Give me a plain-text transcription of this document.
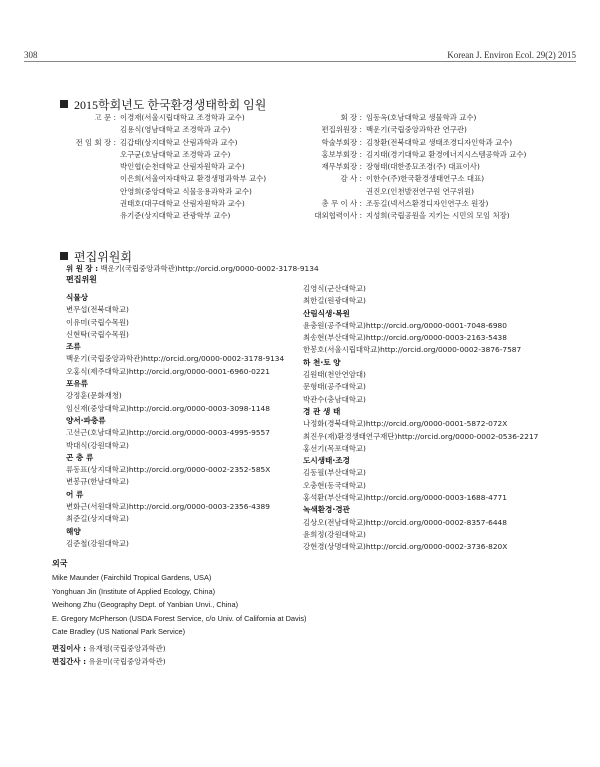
308	Korean J. Environ Ecol. 29(2) 2015
2015학회년도 한국환경생태학회 임원
고 문 : 이경재(서울시립대학교 조경학과 교수)
김용식(영남대학교 조경학과 교수)
전 임 회 장 : 김갑태(상지대학교 산림과학과 교수)
오구균(호남대학교 조경학과 교수)
박인협(순천대학교 산림자원학과 교수)
이은희(서울여자대학교 환경생명과학부 교수)
안영희(중앙대학교 식물응용과학과 교수)
권태호(대구대학교 산림자원학과 교수)
유기준(상지대학교 관광학부 교수)
회 장 : 임동옥(호남대학교 생물학과 교수)
편집위원장 : 백운기(국립중앙과학관 연구관)
학술부회장 : 김창환(전북대학교 생태조경디자인학과 교수)
홍보부회장 : 김지태(경기대학교 환경에너지시스템공학과 교수)
재무부회장 : 장형태(대한종묘조경(주) 대표이사)
감 사 : 이한수(주)한국환경생태연구소 대표)
권진오(인천발전연구원 연구위원)
총 무 이 사 : 조동길(넥서스환경디자인연구소 원장)
대외협력이사 : 지성희(국립공원을 지키는 시민의 모임 처장)
편집위원회
위 원 장 : 백운기(국립중앙과학관)http://orcid.org/0000-0002-3178-9134
편집위원
식물상
변무섭(전북대학교)
이유미(국립수목원)
신현탁(국립수목원)
조류
백운기(국립중앙과학관)http://orcid.org/0000-0002-3178-9134
오홍식(제주대학교)http://orcid.org/0000-0001-6960-0221
포유류
강정훈(문화재청)
임신재(중앙대학교)http://orcid.org/0000-0003-3098-1148
양서·파충류
고선근(호남대학교)http://orcid.org/0000-0003-4995-9557
박대식(강원대학교)
곤 충 류
류동표(상지대학교)http://orcid.org/0000-0002-2352-585X
변봉규(한남대학교)
어 류
변화근(서원대학교)http://orcid.org/0000-0003-2356-4389
최준길(상지대학교)
해양
김준철(강원대학교)
김영식(군산대학교)
최한길(원광대학교)
산림식생·복원
윤충원(공주대학교)http://orcid.org/0000-0001-7048-6980
최송현(부산대학교)http://orcid.org/0000-0003-2163-5438
한봉호(서울시립대학교)http://orcid.org/0000-0002-3876-7587
하 천·토 양
김원태(천안연암대)
문형태(공주대학교)
박관수(충남대학교)
경 관 생 태
나정화(경북대학교)http://orcid.org/0000-0001-5872-072X
최진우(재)환경생태연구재단)http://orcid.org/0000-0002-0536-2217
홍선기(목포대학교)
도시생태·조경
김동필(부산대학교)
오충현(동국대학교)
홍석환(부산대학교)http://orcid.org/0000-0003-1688-4771
녹색환경·경관
김상오(전남대학교)http://orcid.org/0000-0002-8357-6448
윤희정(강원대학교)
강현경(상명대학교)http://orcid.org/0000-0002-3736-820X
외국
Mike Maunder (Fairchild Tropical Gardens, USA)
Yonghuan Jin (Institute of Applied Ecology, China)
Weihong Zhu (Geography Dept. of Yanbian Unvi., China)
E. Gregory McPherson (USDA Forest Service, c/o Univ. of California at Davis)
Cate Bradley (US National Park Service)
편집이사 : 유재평(국립중앙과학관)
편집간사 : 유윤미(국립중앙과학관)
